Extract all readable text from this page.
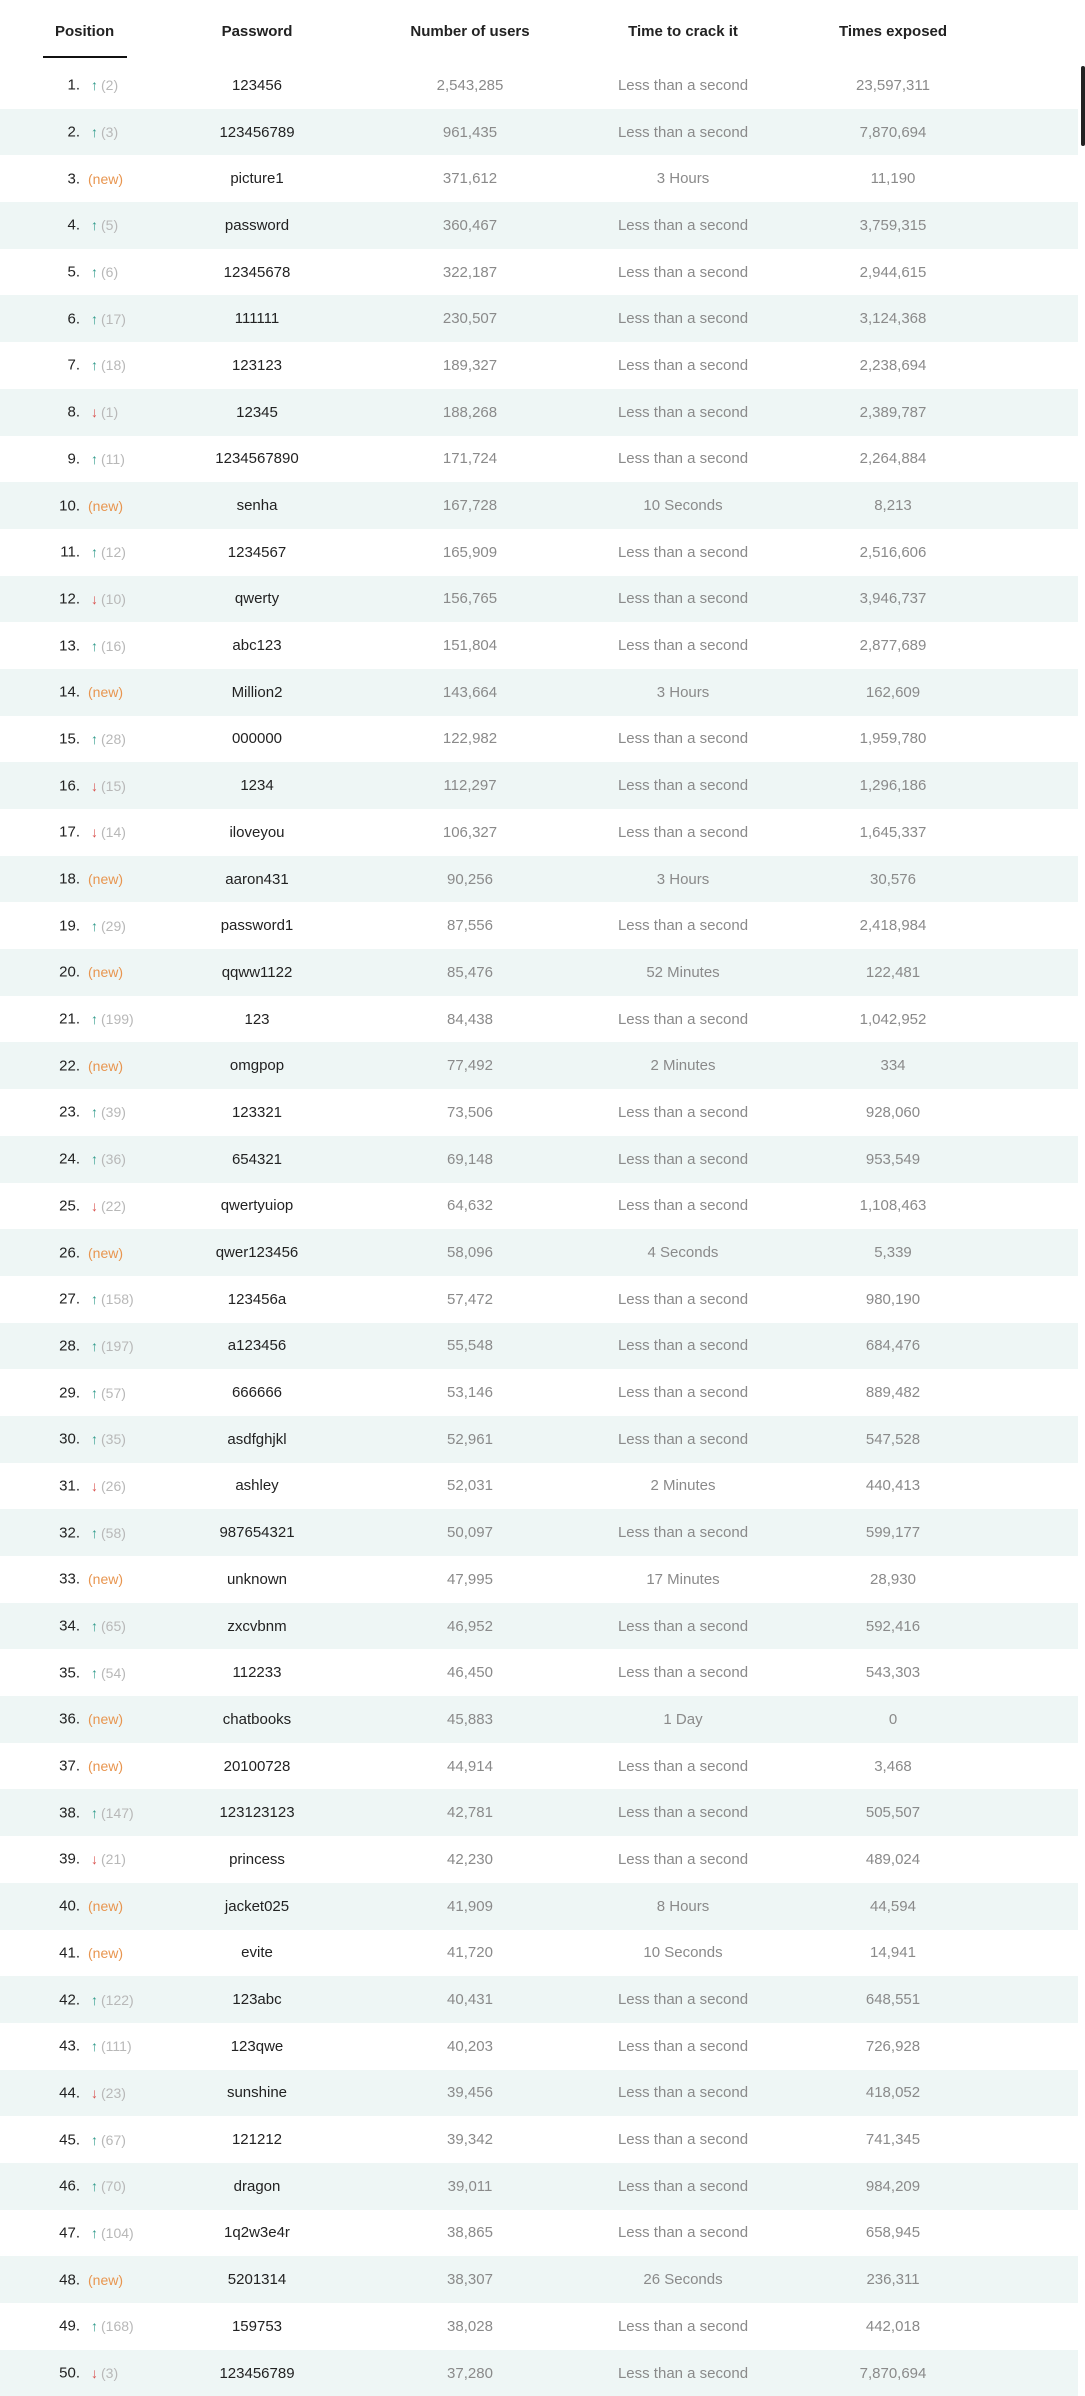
Position	Password	Number of users	Time to crack it	Times exposed
1. ↑ (2)	123456	2,543,285	Less than a second	23,597,311
2. ↑ (3)	123456789	961,435	Less than a second	7,870,694
3. (new)	picture1	371,612	3 Hours	11,190
4. ↑ (5)	password	360,467	Less than a second	3,759,315
5. ↑ (6)	12345678	322,187	Less than a second	2,944,615
6. ↑ (17)	111111	230,507	Less than a second	3,124,368
7. ↑ (18)	123123	189,327	Less than a second	2,238,694
8. ↓ (1)	12345	188,268	Less than a second	2,389,787
9. ↑ (11)	1234567890	171,724	Less than a second	2,264,884
10. (new)	senha	167,728	10 Seconds	8,213
11. ↑ (12)	1234567	165,909	Less than a second	2,516,606
12. ↓ (10)	qwerty	156,765	Less than a second	3,946,737
13. ↑ (16)	abc123	151,804	Less than a second	2,877,689
14. (new)	Million2	143,664	3 Hours	162,609
15. ↑ (28)	000000	122,982	Less than a second	1,959,780
16. ↓ (15)	1234	112,297	Less than a second	1,296,186
17. ↓ (14)	iloveyou	106,327	Less than a second	1,645,337
18. (new)	aaron431	90,256	3 Hours	30,576
19. ↑ (29)	password1	87,556	Less than a second	2,418,984
20. (new)	qqww1122	85,476	52 Minutes	122,481
21. ↑ (199)	123	84,438	Less than a second	1,042,952
22. (new)	omgpop	77,492	2 Minutes	334
23. ↑ (39)	123321	73,506	Less than a second	928,060
24. ↑ (36)	654321	69,148	Less than a second	953,549
25. ↓ (22)	qwertyuiop	64,632	Less than a second	1,108,463
26. (new)	qwer123456	58,096	4 Seconds	5,339
27. ↑ (158)	123456a	57,472	Less than a second	980,190
28. ↑ (197)	a123456	55,548	Less than a second	684,476
29. ↑ (57)	666666	53,146	Less than a second	889,482
30. ↑ (35)	asdfghjkl	52,961	Less than a second	547,528
31. ↓ (26)	ashley	52,031	2 Minutes	440,413
32. ↑ (58)	987654321	50,097	Less than a second	599,177
33. (new)	unknown	47,995	17 Minutes	28,930
34. ↑ (65)	zxcvbnm	46,952	Less than a second	592,416
35. ↑ (54)	112233	46,450	Less than a second	543,303
36. (new)	chatbooks	45,883	1 Day	0
37. (new)	20100728	44,914	Less than a second	3,468
38. ↑ (147)	123123123	42,781	Less than a second	505,507
39. ↓ (21)	princess	42,230	Less than a second	489,024
40. (new)	jacket025	41,909	8 Hours	44,594
41. (new)	evite	41,720	10 Seconds	14,941
42. ↑ (122)	123abc	40,431	Less than a second	648,551
43. ↑ (111)	123qwe	40,203	Less than a second	726,928
44. ↓ (23)	sunshine	39,456	Less than a second	418,052
45. ↑ (67)	121212	39,342	Less than a second	741,345
46. ↑ (70)	dragon	39,011	Less than a second	984,209
47. ↑ (104)	1q2w3e4r	38,865	Less than a second	658,945
48. (new)	5201314	38,307	26 Seconds	236,311
49. ↑ (168)	159753	38,028	Less than a second	442,018
50. ↓ (3)	123456789	37,280	Less than a second	7,870,694
